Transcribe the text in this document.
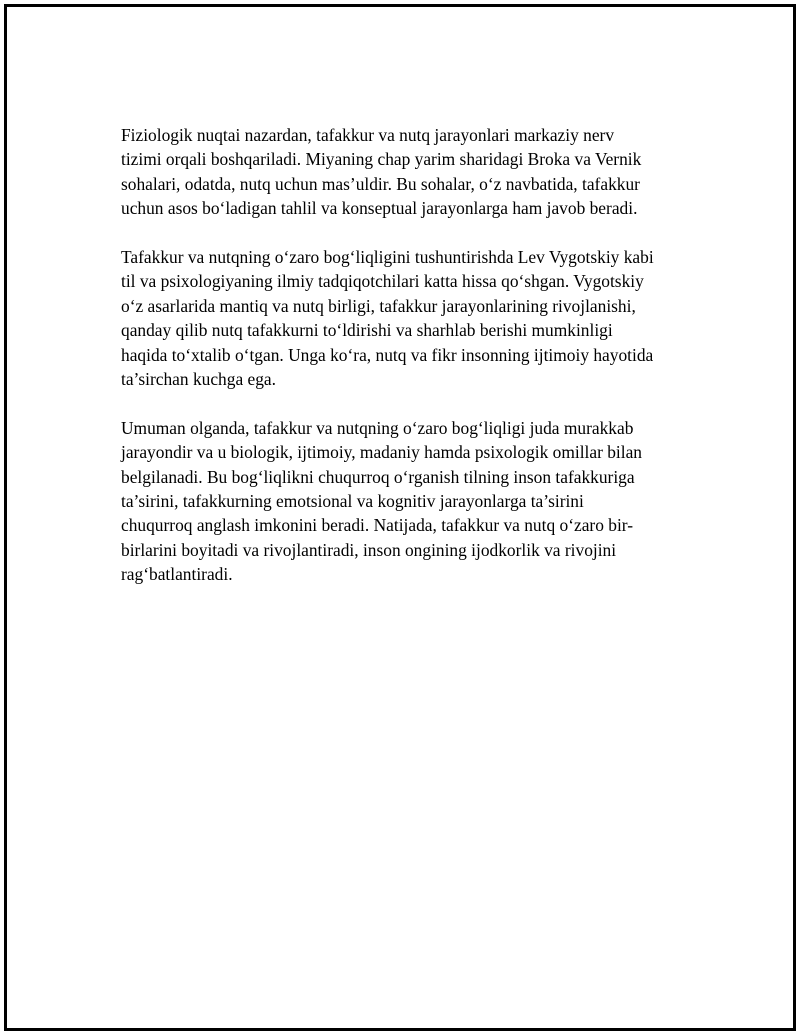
Fiziologik nuqtai nazardan, tafakkur va nutq jarayonlari markaziy nerv
tizimi orqali boshqariladi. Miyaning chap yarim sharidagi Broka va Vernik
sohalari, odatda, nutq uchun mas’uldir. Bu sohalar, o‘z navbatida, tafakkur
uchun asos bo‘ladigan tahlil va konseptual jarayonlarga ham javob beradi.

Tafakkur va nutqning o‘zaro bog‘liqligini tushuntirishda Lev Vygotskiy kabi
til va psixologiyaning ilmiy tadqiqotchilari katta hissa qo‘shgan. Vygotskiy
o‘z asarlarida mantiq va nutq birligi, tafakkur jarayonlarining rivojlanishi,
qanday qilib nutq tafakkurni to‘ldirishi va sharhlab berishi mumkinligi
haqida to‘xtalib o‘tgan. Unga ko‘ra, nutq va fikr insonning ijtimoiy hayotida
ta’sirchan kuchga ega.

Umuman olganda, tafakkur va nutqning o‘zaro bog‘liqligi juda murakkab
jarayondir va u biologik, ijtimoiy, madaniy hamda psixologik omillar bilan
belgilanadi. Bu bog‘liqlikni chuqurroq o‘rganish tilning inson tafakkuriga
ta’sirini, tafakkurning emotsional va kognitiv jarayonlarga ta’sirini
chuqurroq anglash imkonini beradi. Natijada, tafakkur va nutq o‘zaro bir-
birlarini boyitadi va rivojlantiradi, inson ongining ijodkorlik va rivojini
rag‘batlantiradi.
